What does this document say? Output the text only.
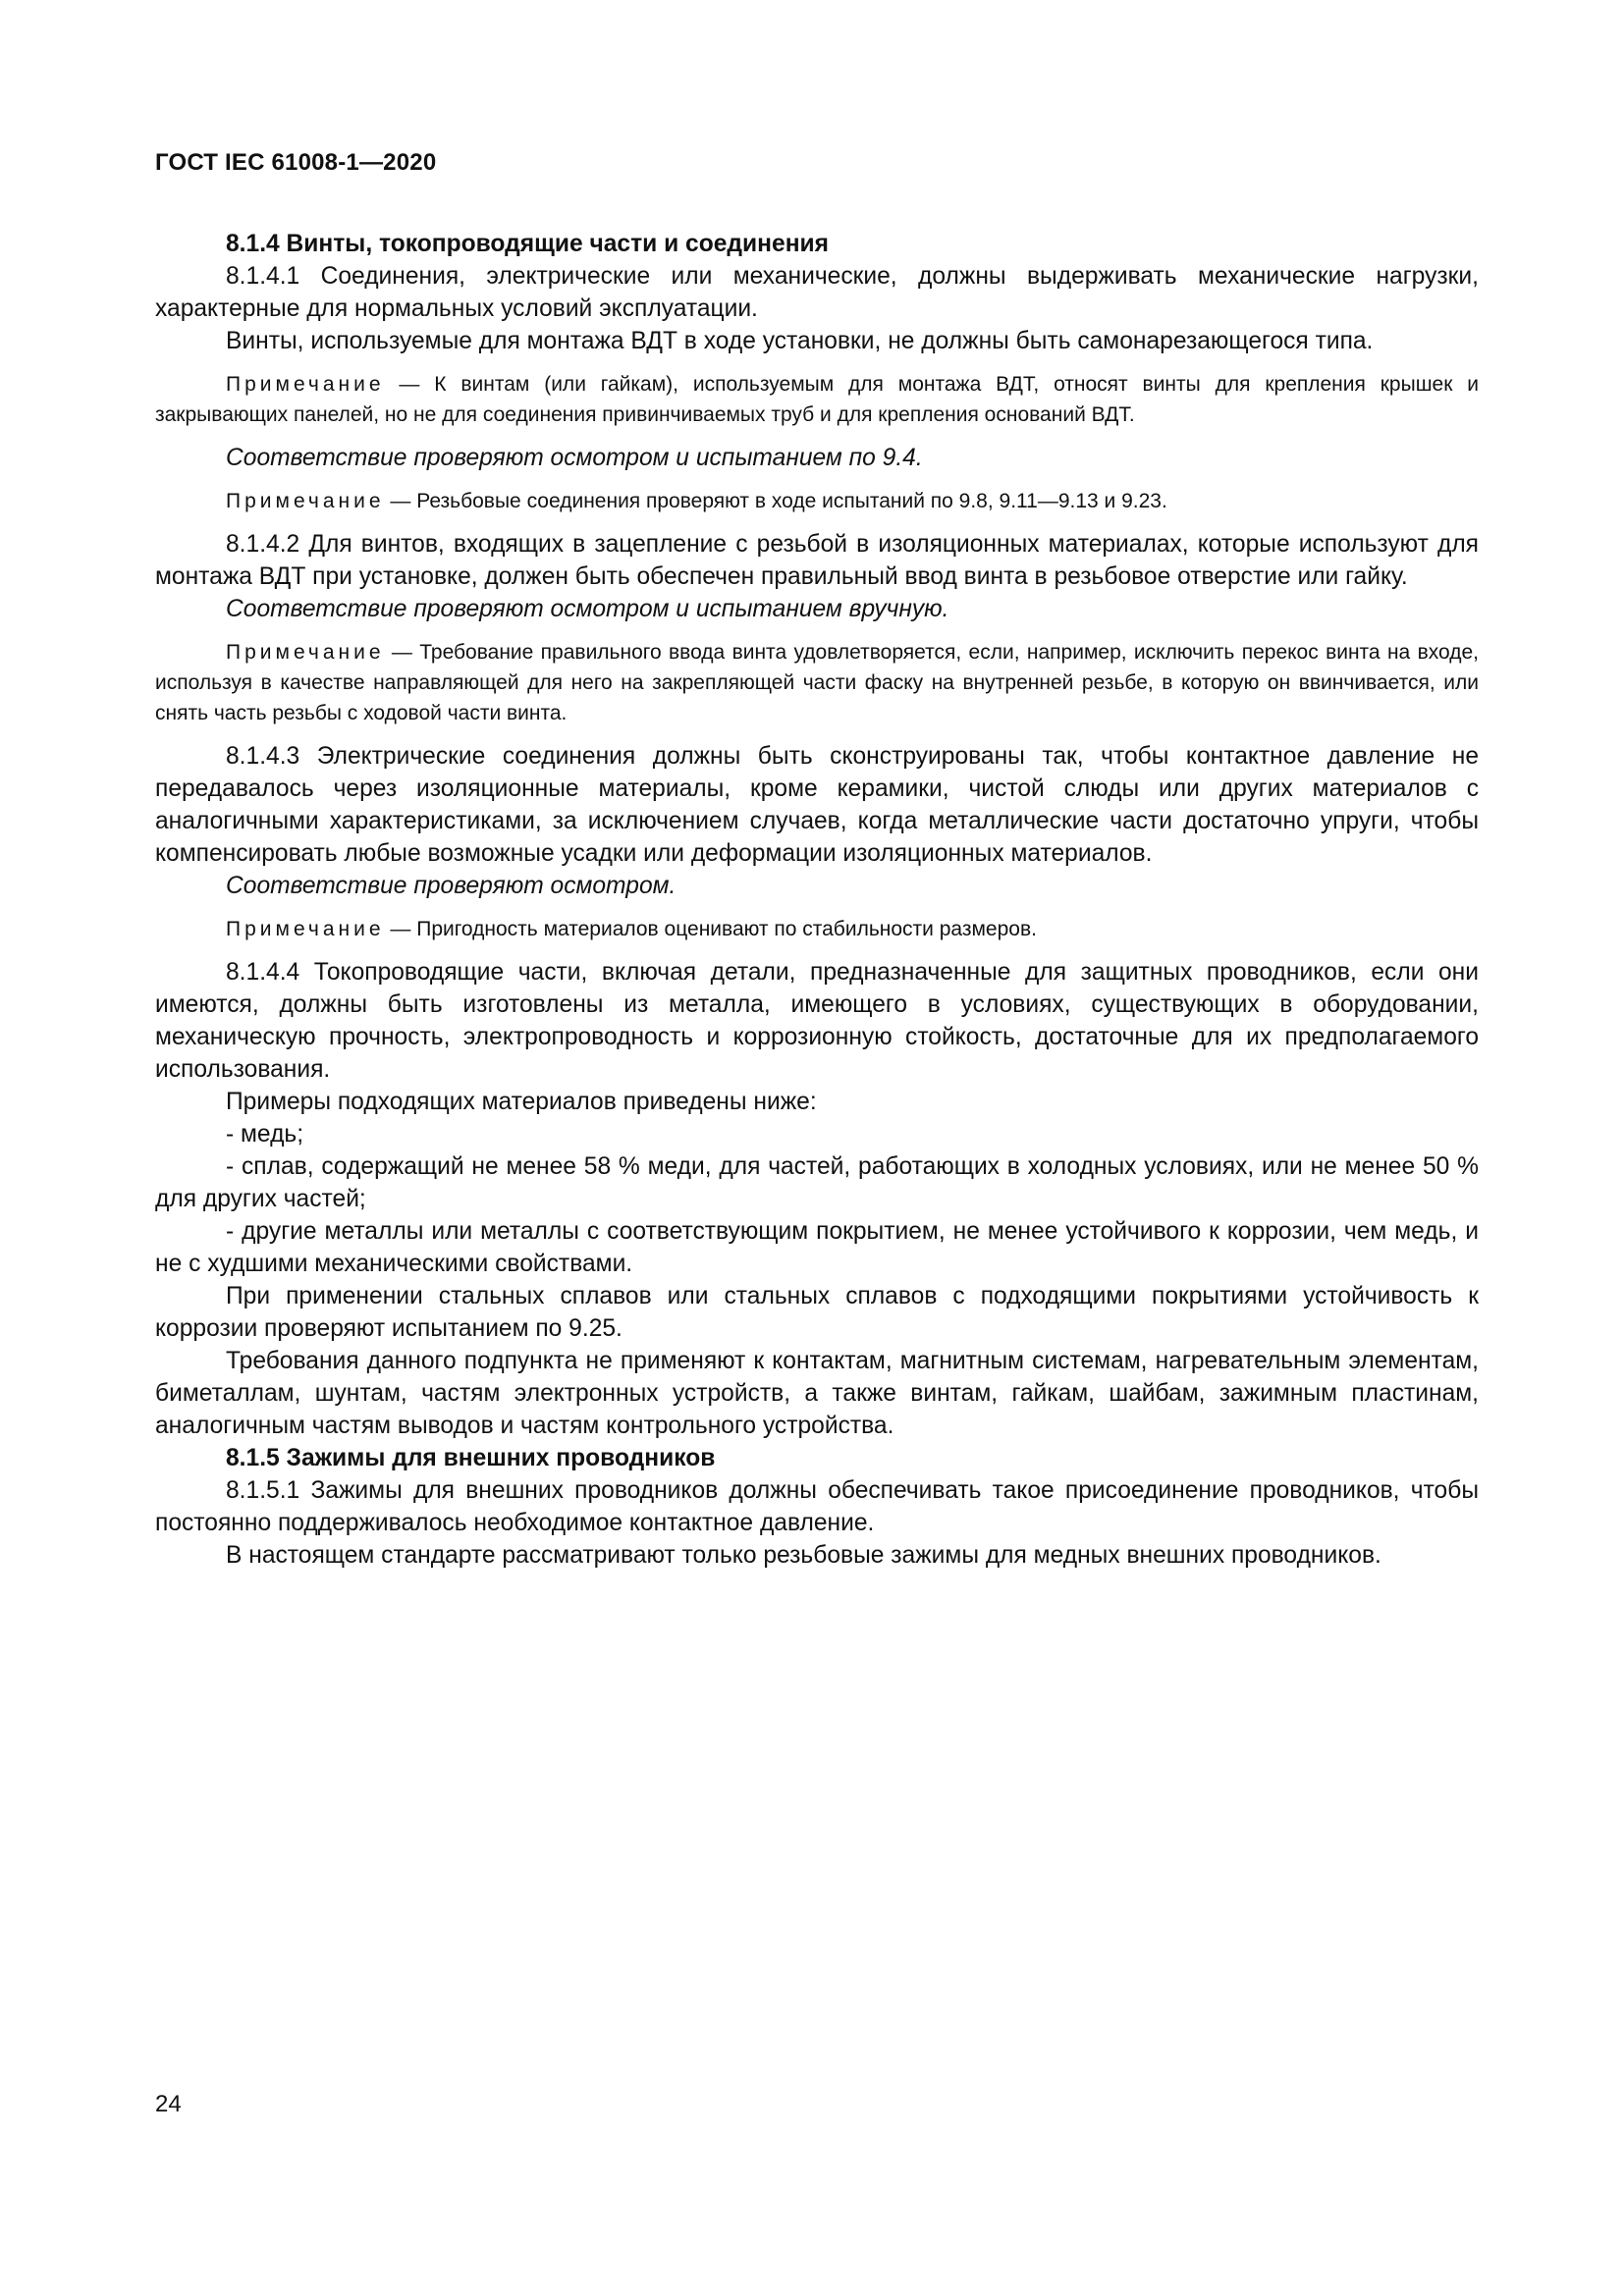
ГОСТ IEC 61008-1—2020

8.1.4 Винты, токопроводящие части и соединения

8.1.4.1 Соединения, электрические или механические, должны выдерживать механические нагрузки, характерные для нормальных условий эксплуатации.

Винты, используемые для монтажа ВДТ в ходе установки, не должны быть самонарезающегося типа.

Примечание — К винтам (или гайкам), используемым для монтажа ВДТ, относят винты для крепления крышек и закрывающих панелей, но не для соединения привинчиваемых труб и для крепления оснований ВДТ.

Соответствие проверяют осмотром и испытанием по 9.4.

Примечание — Резьбовые соединения проверяют в ходе испытаний по 9.8, 9.11—9.13 и 9.23.

8.1.4.2 Для винтов, входящих в зацепление с резьбой в изоляционных материалах, которые используют для монтажа ВДТ при установке, должен быть обеспечен правильный ввод винта в резьбовое отверстие или гайку.

Соответствие проверяют осмотром и испытанием вручную.

Примечание — Требование правильного ввода винта удовлетворяется, если, например, исключить перекос винта на входе, используя в качестве направляющей для него на закрепляющей части фаску на внутренней резьбе, в которую он ввинчивается, или снять часть резьбы с ходовой части винта.

8.1.4.3 Электрические соединения должны быть сконструированы так, чтобы контактное давление не передавалось через изоляционные материалы, кроме керамики, чистой слюды или других материалов с аналогичными характеристиками, за исключением случаев, когда металлические части достаточно упруги, чтобы компенсировать любые возможные усадки или деформации изоляционных материалов.

Соответствие проверяют осмотром.

Примечание — Пригодность материалов оценивают по стабильности размеров.

8.1.4.4 Токопроводящие части, включая детали, предназначенные для защитных проводников, если они имеются, должны быть изготовлены из металла, имеющего в условиях, существующих в оборудовании, механическую прочность, электропроводность и коррозионную стойкость, достаточные для их предполагаемого использования.

Примеры подходящих материалов приведены ниже:

- медь;

- сплав, содержащий не менее 58 % меди, для частей, работающих в холодных условиях, или не менее 50 % для других частей;

- другие металлы или металлы с соответствующим покрытием, не менее устойчивого к коррозии, чем медь, и не с худшими механическими свойствами.

При применении стальных сплавов или стальных сплавов с подходящими покрытиями устойчивость к коррозии проверяют испытанием по 9.25.

Требования данного подпункта не применяют к контактам, магнитным системам, нагревательным элементам, биметаллам, шунтам, частям электронных устройств, а также винтам, гайкам, шайбам, зажимным пластинам, аналогичным частям выводов и частям контрольного устройства.

8.1.5 Зажимы для внешних проводников

8.1.5.1 Зажимы для внешних проводников должны обеспечивать такое присоединение проводников, чтобы постоянно поддерживалось необходимое контактное давление.

В настоящем стандарте рассматривают только резьбовые зажимы для медных внешних проводников.

24
